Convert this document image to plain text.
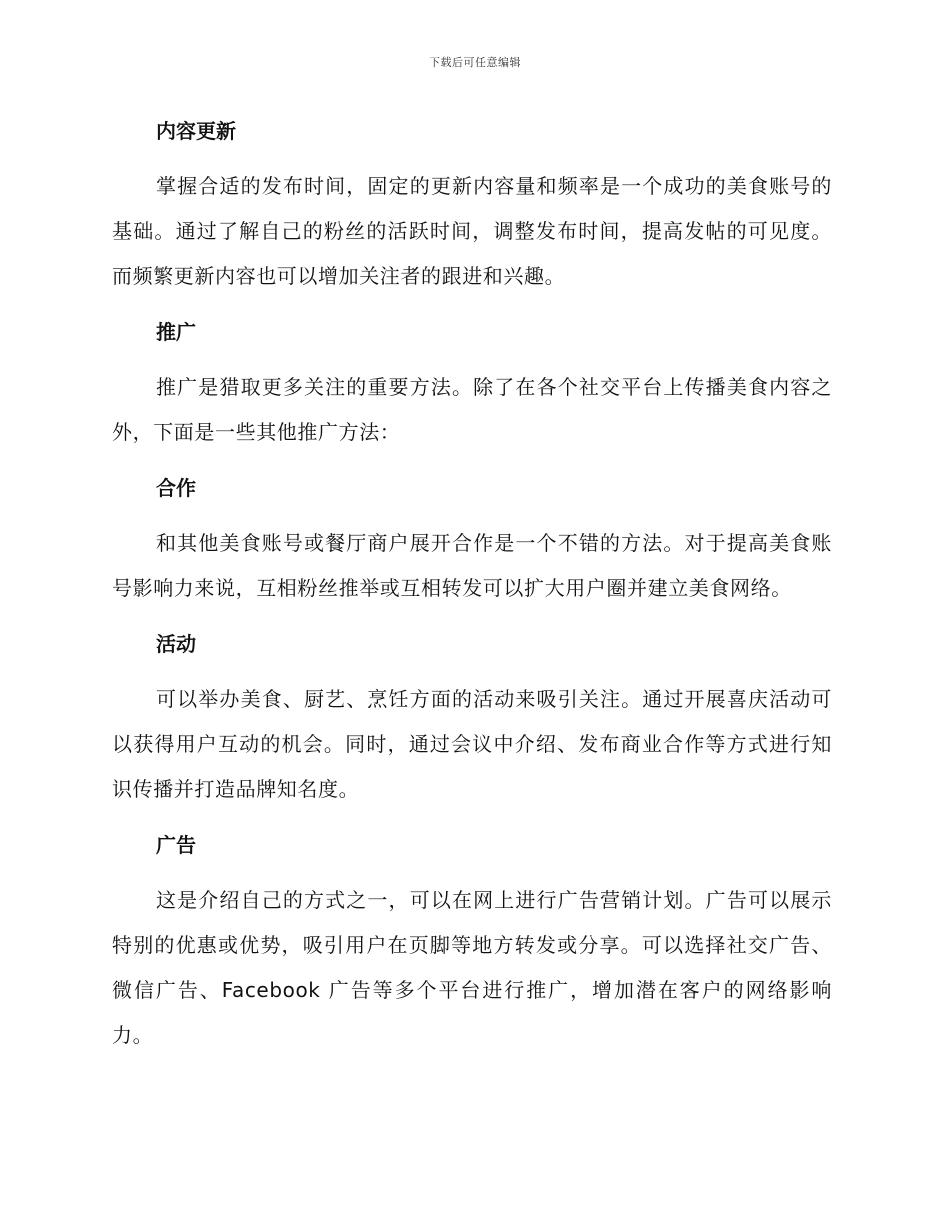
下载后可任意编辑
内容更新

掌握合适的发布时间，固定的更新内容量和频率是一个成功的美食账号的基础。通过了解自己的粉丝的活跃时间，调整发布时间，提高发帖的可见度。而频繁更新内容也可以增加关注者的跟进和兴趣。

推广

推广是猎取更多关注的重要方法。除了在各个社交平台上传播美食内容之外，下面是一些其他推广方法：

合作

和其他美食账号或餐厅商户展开合作是一个不错的方法。对于提高美食账号影响力来说，互相粉丝推举或互相转发可以扩大用户圈并建立美食网络。

活动

可以举办美食、厨艺、烹饪方面的活动来吸引关注。通过开展喜庆活动可以获得用户互动的机会。同时，通过会议中介绍、发布商业合作等方式进行知识传播并打造品牌知名度。

广告

这是介绍自己的方式之一，可以在网上进行广告营销计划。广告可以展示特别的优惠或优势，吸引用户在页脚等地方转发或分享。可以选择社交广告、微信广告、Facebook 广告等多个平台进行推广，增加潜在客户的网络影响力。
